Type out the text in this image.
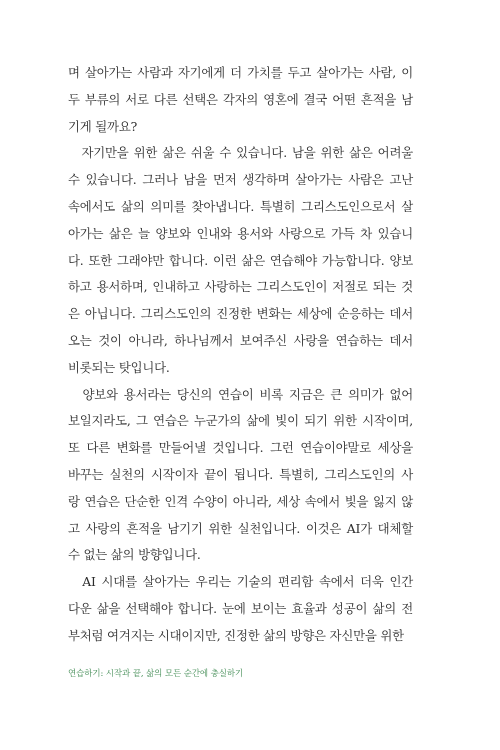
며 살아가는 사람과 자기에게 더 가치를 두고 살아가는 사람, 이
두 부류의 서로 다른 선택은 각자의 영혼에 결국 어떤 흔적을 남
기게 될까요?
　자기만을 위한 삶은 쉬울 수 있습니다. 남을 위한 삶은 어려울
수 있습니다. 그러나 남을 먼저 생각하며 살아가는 사람은 고난
속에서도 삶의 의미를 찾아냅니다. 특별히 그리스도인으로서 살
아가는 삶은 늘 양보와 인내와 용서와 사랑으로 가득 차 있습니
다. 또한 그래야만 합니다. 이런 삶은 연습해야 가능합니다. 양보
하고 용서하며, 인내하고 사랑하는 그리스도인이 저절로 되는 것
은 아닙니다. 그리스도인의 진정한 변화는 세상에 순응하는 데서
오는 것이 아니라, 하나님께서 보여주신 사랑을 연습하는 데서
비롯되는 탓입니다.
　양보와 용서라는 당신의 연습이 비록 지금은 큰 의미가 없어
보일지라도, 그 연습은 누군가의 삶에 빛이 되기 위한 시작이며,
또 다른 변화를 만들어낼 것입니다. 그런 연습이야말로 세상을
바꾸는 실천의 시작이자 끝이 됩니다. 특별히, 그리스도인의 사
랑 연습은 단순한 인격 수양이 아니라, 세상 속에서 빛을 잃지 않
고 사랑의 흔적을 남기기 위한 실천입니다. 이것은 AI가 대체할
수 없는 삶의 방향입니다.
　AI 시대를 살아가는 우리는 기술의 편리함 속에서 더욱 인간
다운 삶을 선택해야 합니다. 눈에 보이는 효율과 성공이 삶의 전
부처럼 여겨지는 시대이지만, 진정한 삶의 방향은 자신만을 위한
연습하기: 시작과 끝, 삶의 모든 순간에 충실하기
